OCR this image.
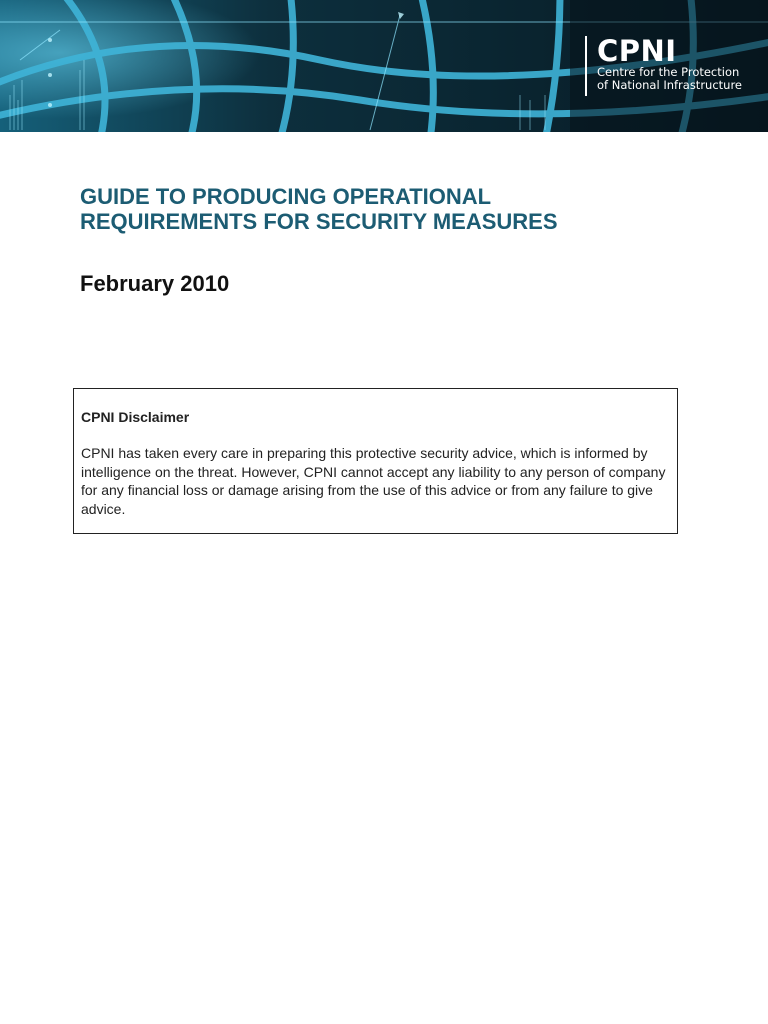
CPNI
Centre for the Protection
of National Infrastructure
GUIDE TO PRODUCING OPERATIONAL
REQUIREMENTS FOR SECURITY MEASURES

February 2010

CPNI Disclaimer

CPNI has taken every care in preparing this protective security advice, which is informed by intelligence on the threat. However, CPNI cannot accept any liability to any person of company for any financial loss or damage arising from the use of this advice or from any failure to give advice.
